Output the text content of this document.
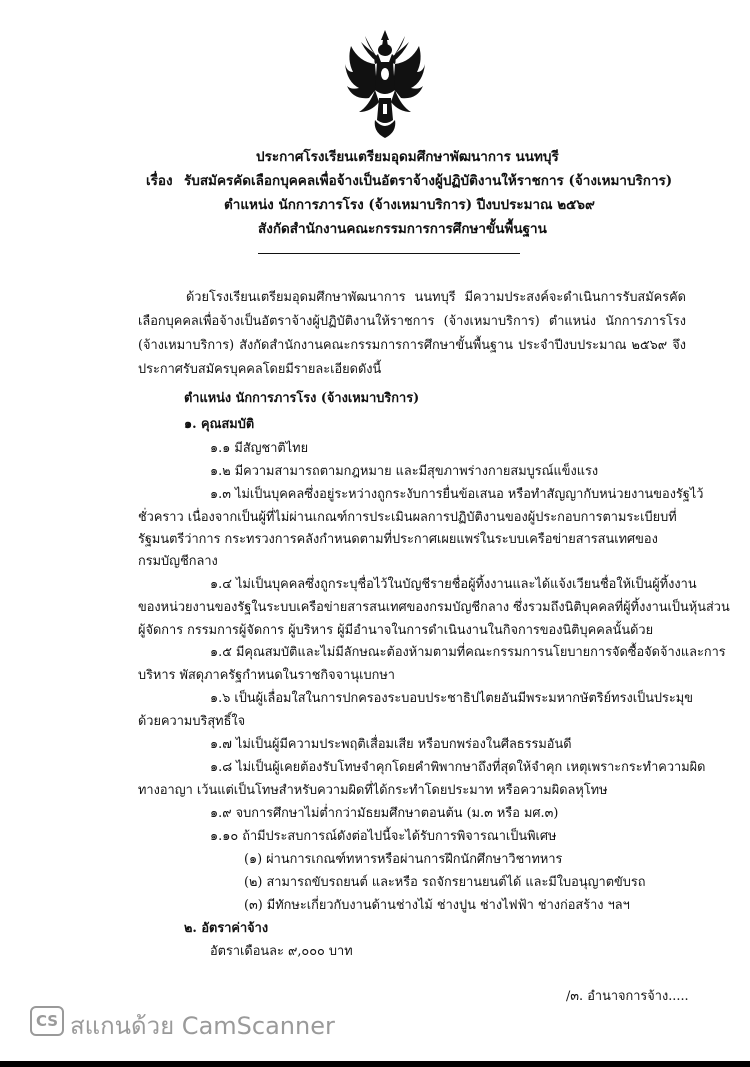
ประกาศโรงเรียนเตรียมอุดมศึกษาพัฒนาการ นนทบุรี
เรื่อง รับสมัครคัดเลือกบุคคลเพื่อจ้างเป็นอัตราจ้างผู้ปฏิบัติงานให้ราชการ (จ้างเหมาบริการ)
ตำแหน่ง นักการภารโรง (จ้างเหมาบริการ) ปีงบประมาณ ๒๕๖๙
สังกัดสำนักงานคณะกรรมการการศึกษาขั้นพื้นฐาน
ด้วยโรงเรียนเตรียมอุดมศึกษาพัฒนาการ นนทบุรี มีความประสงค์จะดำเนินการรับสมัครคัดเลือกบุคคลเพื่อจ้างเป็นอัตราจ้างผู้ปฏิบัติงานให้ราชการ (จ้างเหมาบริการ) ตำแหน่ง นักการภารโรง (จ้างเหมาบริการ) สังกัดสำนักงานคณะกรรมการการศึกษาขั้นพื้นฐาน ประจำปีงบประมาณ ๒๕๖๙ จึงประกาศรับสมัครบุคคลโดยมีรายละเอียดดังนี้
ตำแหน่ง นักการภารโรง (จ้างเหมาบริการ)
๑. คุณสมบัติ
๑.๑ มีสัญชาติไทย
๑.๒ มีความสามารถตามกฎหมาย และมีสุขภาพร่างกายสมบูรณ์แข็งแรง
๑.๓ ไม่เป็นบุคคลซึ่งอยู่ระหว่างถูกระงับการยื่นข้อเสนอ หรือทำสัญญากับหน่วยงานของรัฐไว้
ชั่วคราว เนื่องจากเป็นผู้ที่ไม่ผ่านเกณฑ์การประเมินผลการปฏิบัติงานของผู้ประกอบการตามระเบียบที่
รัฐมนตรีว่าการ กระทรวงการคลังกำหนดตามที่ประกาศเผยแพร่ในระบบเครือข่ายสารสนเทศของ
กรมบัญชีกลาง
๑.๔ ไม่เป็นบุคคลซึ่งถูกระบุชื่อไว้ในบัญชีรายชื่อผู้ทิ้งงานและได้แจ้งเวียนชื่อให้เป็นผู้ทิ้งงาน
ของหน่วยงานของรัฐในระบบเครือข่ายสารสนเทศของกรมบัญชีกลาง ซึ่งรวมถึงนิติบุคคลที่ผู้ทิ้งงานเป็นหุ้นส่วน
ผู้จัดการ กรรมการผู้จัดการ ผู้บริหาร ผู้มีอำนาจในการดำเนินงานในกิจการของนิติบุคคลนั้นด้วย
๑.๕ มีคุณสมบัติและไม่มีลักษณะต้องห้ามตามที่คณะกรรมการนโยบายการจัดซื้อจัดจ้างและการ
บริหาร พัสดุภาครัฐกำหนดในราชกิจจานุเบกษา
๑.๖ เป็นผู้เลื่อมใสในการปกครองระบอบประชาธิปไตยอันมีพระมหากษัตริย์ทรงเป็นประมุข
ด้วยความบริสุทธิ์ใจ
๑.๗ ไม่เป็นผู้มีความประพฤติเสื่อมเสีย หรือบกพร่องในศีลธรรมอันดี
๑.๘ ไม่เป็นผู้เคยต้องรับโทษจำคุกโดยคำพิพากษาถึงที่สุดให้จำคุก เหตุเพราะกระทำความผิด
ทางอาญา เว้นแต่เป็นโทษสำหรับความผิดที่ได้กระทำโดยประมาท หรือความผิดลหุโทษ
๑.๙ จบการศึกษาไม่ต่ำกว่ามัธยมศึกษาตอนต้น (ม.๓ หรือ มศ.๓)
๑.๑๐ ถ้ามีประสบการณ์ดังต่อไปนี้จะได้รับการพิจารณาเป็นพิเศษ
(๑) ผ่านการเกณฑ์ทหารหรือผ่านการฝึกนักศึกษาวิชาทหาร
(๒) สามารถขับรถยนต์ และหรือ รถจักรยานยนต์ได้ และมีใบอนุญาตขับรถ
(๓) มีทักษะเกี่ยวกับงานด้านช่างไม้ ช่างปูน ช่างไฟฟ้า ช่างก่อสร้าง ฯลฯ
๒. อัตราค่าจ้าง
อัตราเดือนละ ๙,๐๐๐ บาท
/๓. อำนาจการจ้าง.....
CS สแกนด้วย CamScanner
